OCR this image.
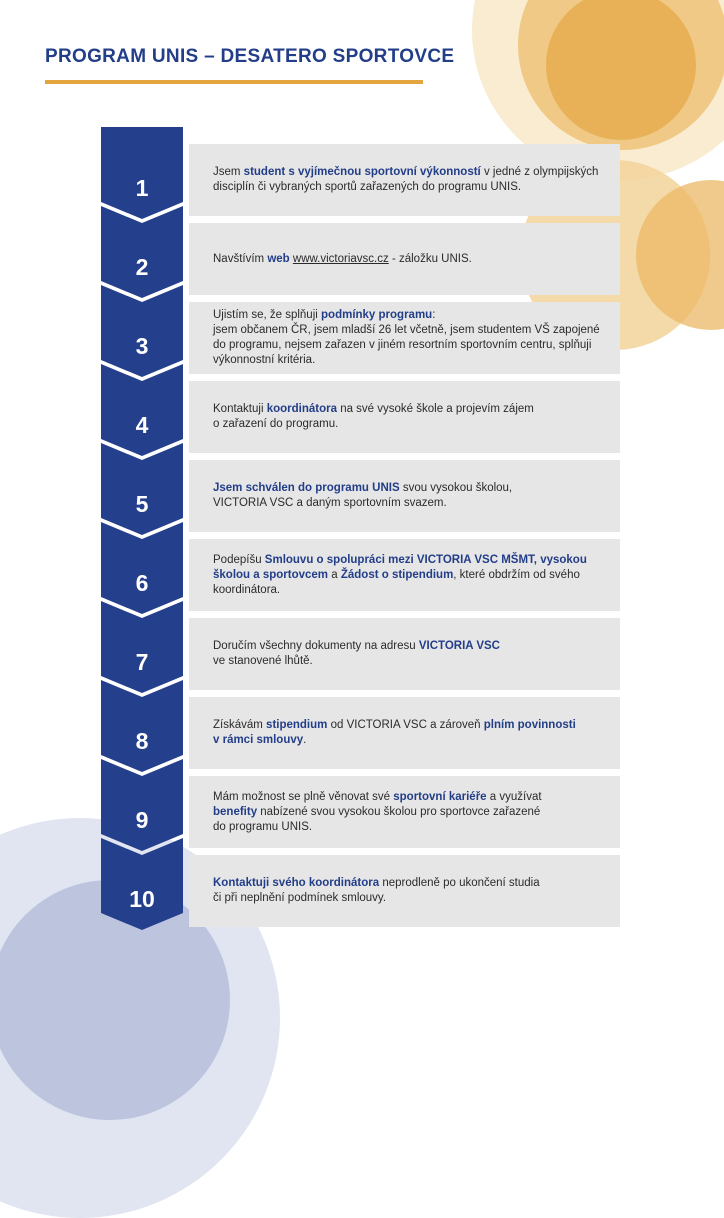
PROGRAM UNIS – DESATERO SPORTOVCE
1
Jsem student s vyjímečnou sportovní výkonností v jedné z olympijských
disciplín či vybraných sportů zařazených do programu UNIS.
2	Navštívím web www.victoriavsc.cz - záložku UNIS.
3
Ujistím se, že splňuji podmínky programu:
jsem občanem ČR, jsem mladší 26 let včetně, jsem studentem VŠ zapojené
do programu, nejsem zařazen v jiném resortním sportovním centru, splňuji
výkonnostní kritéria.
4
Kontaktuji koordinátora na své vysoké škole a projevím zájem
o zařazení do programu.
5
Jsem schválen do programu UNIS svou vysokou školou,
VICTORIA VSC a daným sportovním svazem.
6
Podepíšu Smlouvu o spolupráci mezi VICTORIA VSC MŠMT, vysokou
školou a sportovcem a Žádost o stipendium, které obdržím od svého
koordinátora.
7
Doručím všechny dokumenty na adresu VICTORIA VSC
ve stanovené lhůtě.
8
Získávám stipendium od VICTORIA VSC a zároveň plním povinnosti
v rámci smlouvy.
9
Mám možnost se plně věnovat své sportovní kariéře a využívat
benefity nabízené svou vysokou školou pro sportovce zařazené
do programu UNIS.
10
Kontaktuji svého koordinátora neprodleně po ukončení studia
či při neplnění podmínek smlouvy.
